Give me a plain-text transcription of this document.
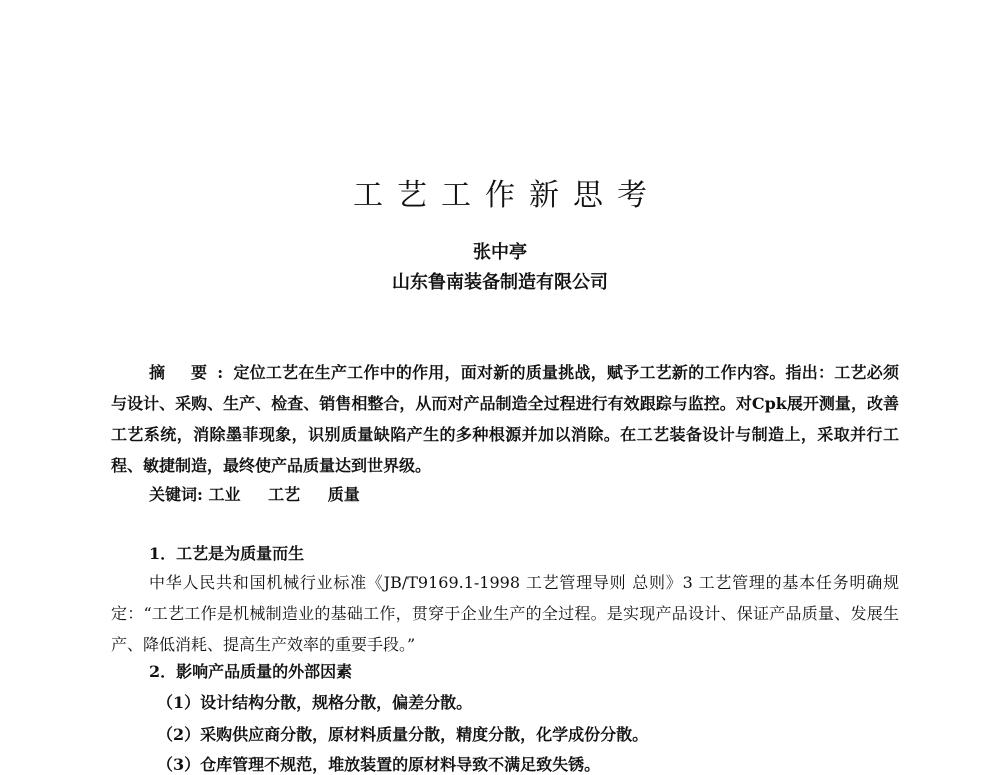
工艺工作新思考
张中亭
山东鲁南装备制造有限公司
摘 要:定位工艺在生产工作中的作用，面对新的质量挑战，赋予工艺新的工作内容。指出：工艺必须与设计、采购、生产、检查、销售相整合，从而对产品制造全过程进行有效跟踪与监控。对Cpk展开测量，改善工艺系统，消除墨菲现象，识别质量缺陷产生的多种根源并加以消除。在工艺装备设计与制造上，采取并行工程、敏捷制造，最终使产品质量达到世界级。
关键词: 工业 工艺 质量
1．工艺是为质量而生
中华人民共和国机械行业标准《JB/T9169.1-1998 工艺管理导则 总则》3 工艺管理的基本任务明确规定：“工艺工作是机械制造业的基础工作，贯穿于企业生产的全过程。是实现产品设计、保证产品质量、发展生产、降低消耗、提高生产效率的重要手段。”
2．影响产品质量的外部因素
（1）设计结构分散，规格分散，偏差分散。
（2）采购供应商分散，原材料质量分散，精度分散，化学成份分散。
（3）仓库管理不规范，堆放装置的原材料导致不满足致失锈。
